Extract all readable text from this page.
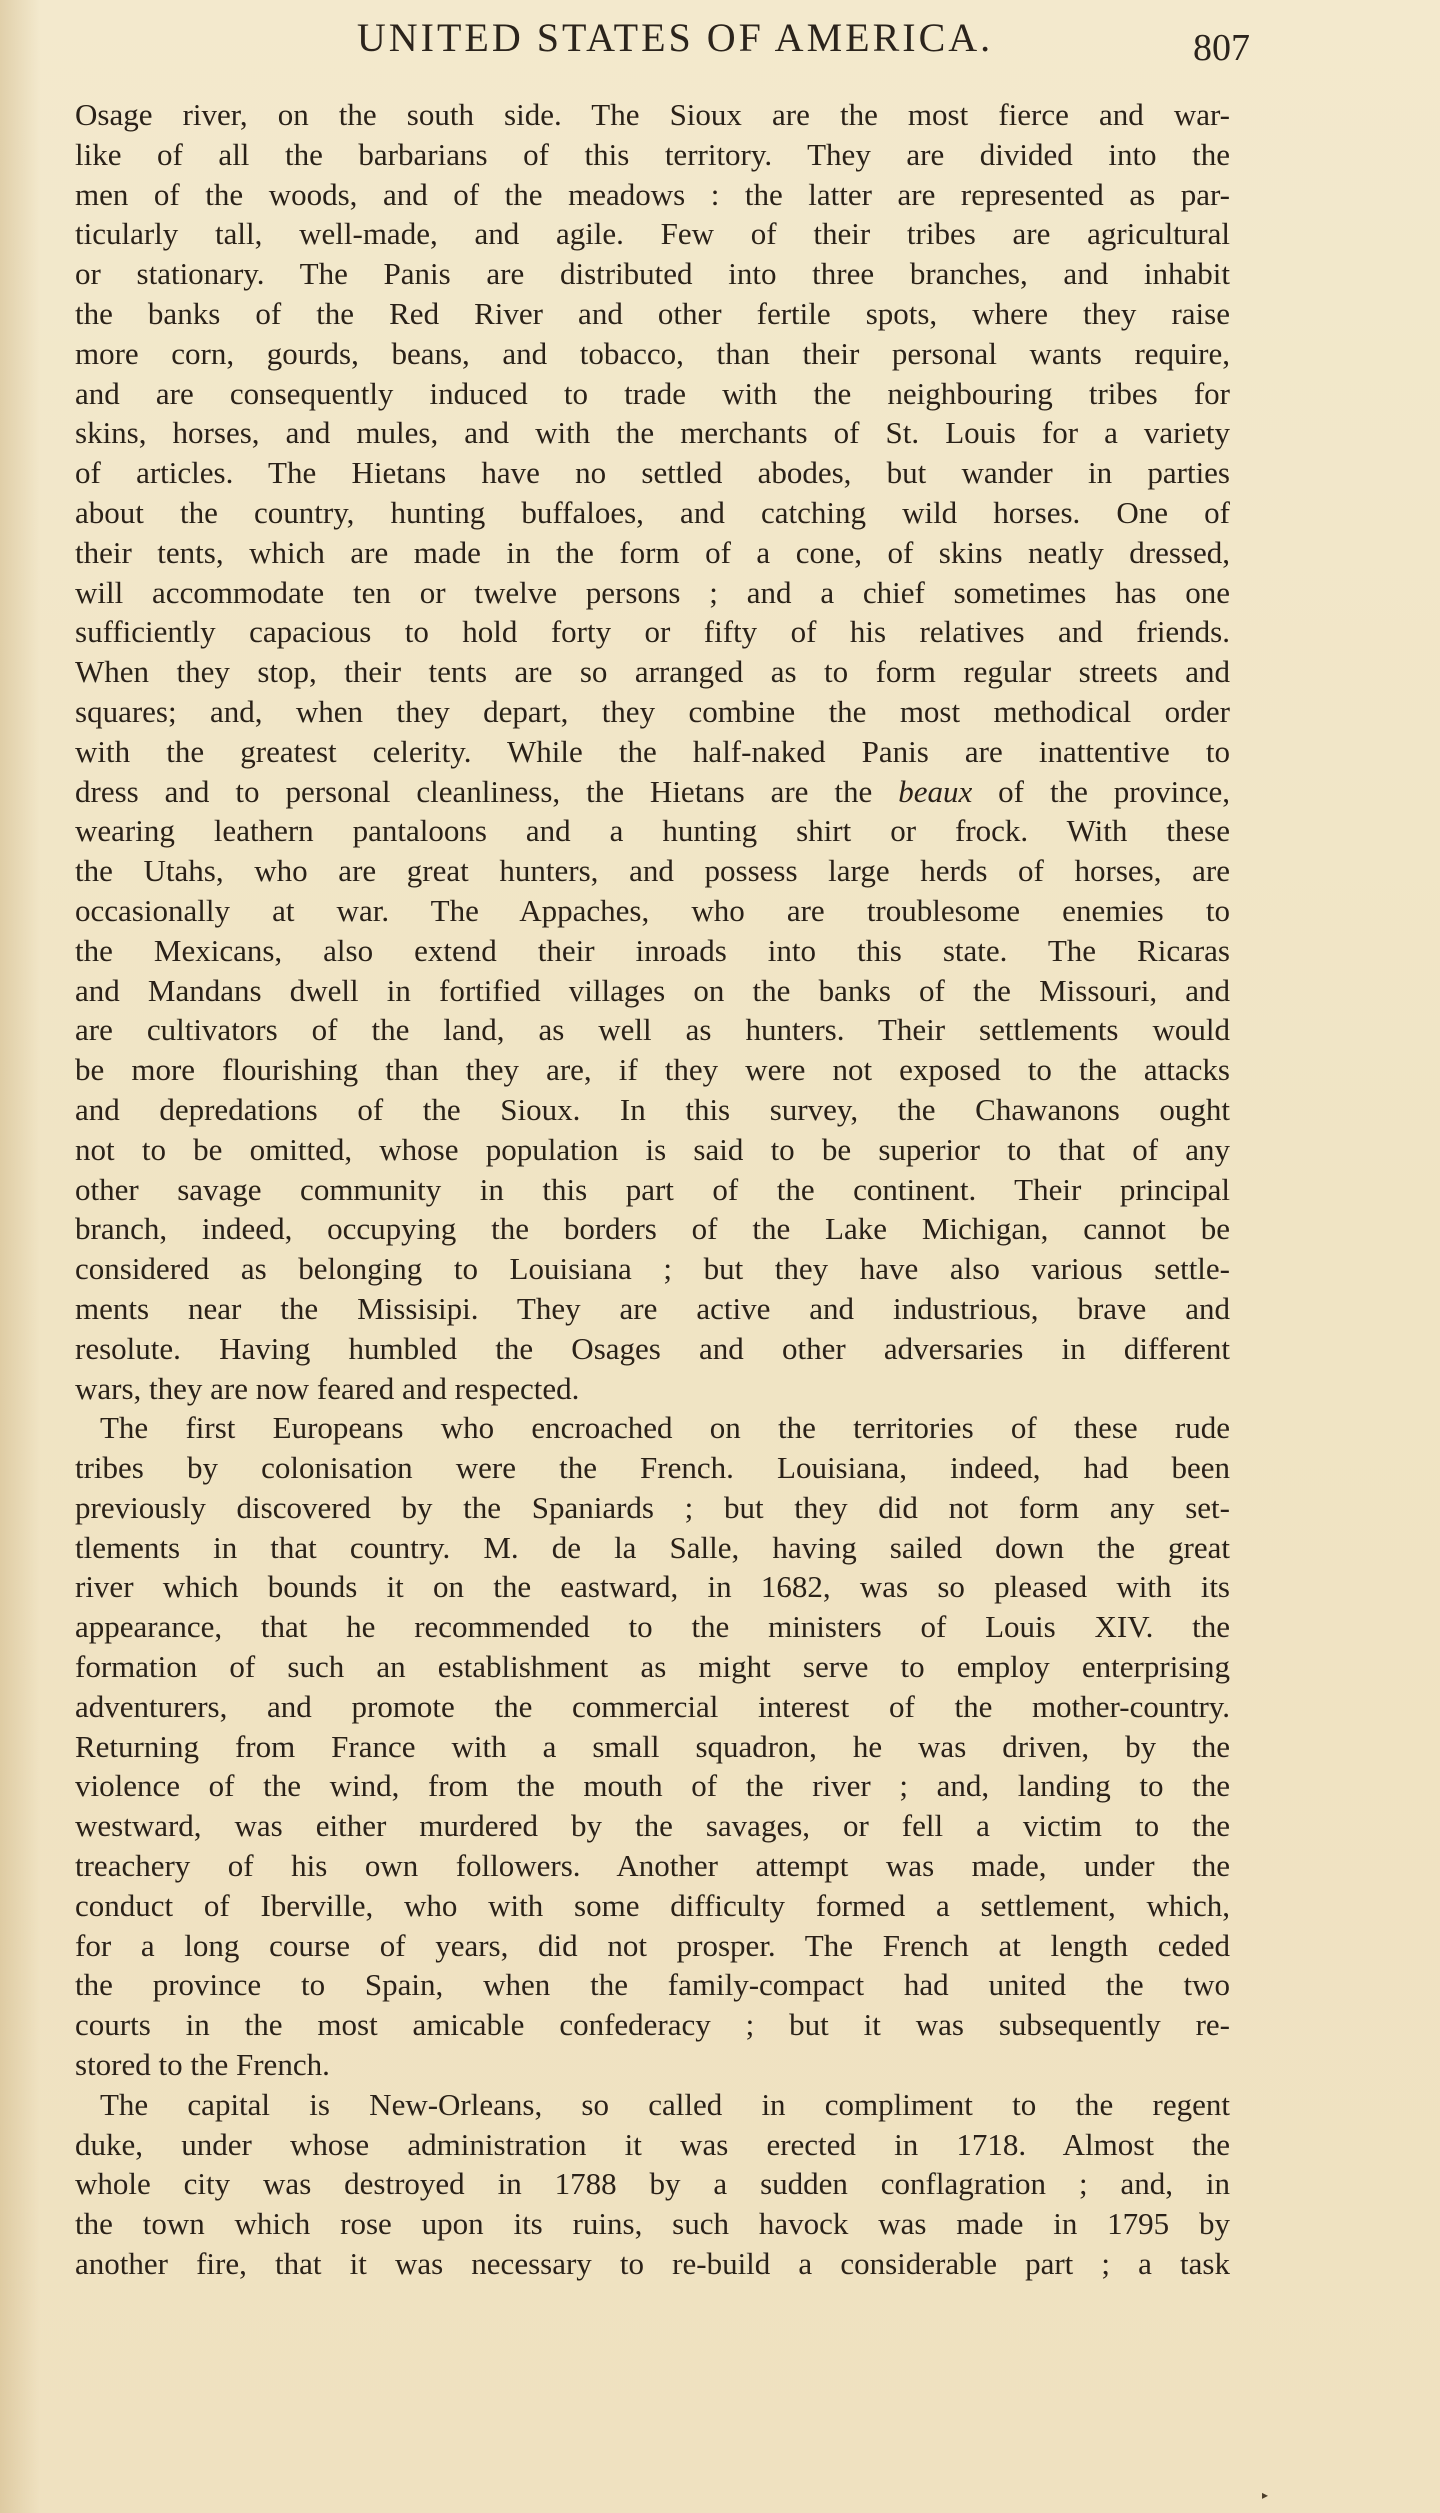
UNITED STATES OF AMERICA.	807
Osage river, on the south side. The Sioux are the most fierce and war-
like of all the barbarians of this territory. They are divided into the
men of the woods, and of the meadows : the latter are represented as par-
ticularly tall, well-made, and agile. Few of their tribes are agricultural
or stationary. The Panis are distributed into three branches, and inhabit
the banks of the Red River and other fertile spots, where they raise
more corn, gourds, beans, and tobacco, than their personal wants require,
and are consequently induced to trade with the neighbouring tribes for
skins, horses, and mules, and with the merchants of St. Louis for a variety
of articles. The Hietans have no settled abodes, but wander in parties
about the country, hunting buffaloes, and catching wild horses. One of
their tents, which are made in the form of a cone, of skins neatly dressed,
will accommodate ten or twelve persons ; and a chief sometimes has one
sufficiently capacious to hold forty or fifty of his relatives and friends.
When they stop, their tents are so arranged as to form regular streets and
squares; and, when they depart, they combine the most methodical order
with the greatest celerity. While the half-naked Panis are inattentive to
dress and to personal cleanliness, the Hietans are the beaux of the province,
wearing leathern pantaloons and a hunting shirt or frock. With these
the Utahs, who are great hunters, and possess large herds of horses, are
occasionally at war. The Appaches, who are troublesome enemies to
the Mexicans, also extend their inroads into this state. The Ricaras
and Mandans dwell in fortified villages on the banks of the Missouri, and
are cultivators of the land, as well as hunters. Their settlements would
be more flourishing than they are, if they were not exposed to the attacks
and depredations of the Sioux. In this survey, the Chawanons ought
not to be omitted, whose population is said to be superior to that of any
other savage community in this part of the continent. Their principal
branch, indeed, occupying the borders of the Lake Michigan, cannot be
considered as belonging to Louisiana ; but they have also various settle-
ments near the Missisipi. They are active and industrious, brave and
resolute. Having humbled the Osages and other adversaries in different
wars, they are now feared and respected.
The first Europeans who encroached on the territories of these rude
tribes by colonisation were the French. Louisiana, indeed, had been
previously discovered by the Spaniards ; but they did not form any set-
tlements in that country. M. de la Salle, having sailed down the great
river which bounds it on the eastward, in 1682, was so pleased with its
appearance, that he recommended to the ministers of Louis XIV. the
formation of such an establishment as might serve to employ enterprising
adventurers, and promote the commercial interest of the mother-country.
Returning from France with a small squadron, he was driven, by the
violence of the wind, from the mouth of the river ; and, landing to the
westward, was either murdered by the savages, or fell a victim to the
treachery of his own followers. Another attempt was made, under the
conduct of Iberville, who with some difficulty formed a settlement, which,
for a long course of years, did not prosper. The French at length ceded
the province to Spain, when the family-compact had united the two
courts in the most amicable confederacy ; but it was subsequently re-
stored to the French.
The capital is New-Orleans, so called in compliment to the regent
duke, under whose administration it was erected in 1718. Almost the
whole city was destroyed in 1788 by a sudden conflagration ; and, in
the town which rose upon its ruins, such havock was made in 1795 by
another fire, that it was necessary to re-build a considerable part ; a task
▸
